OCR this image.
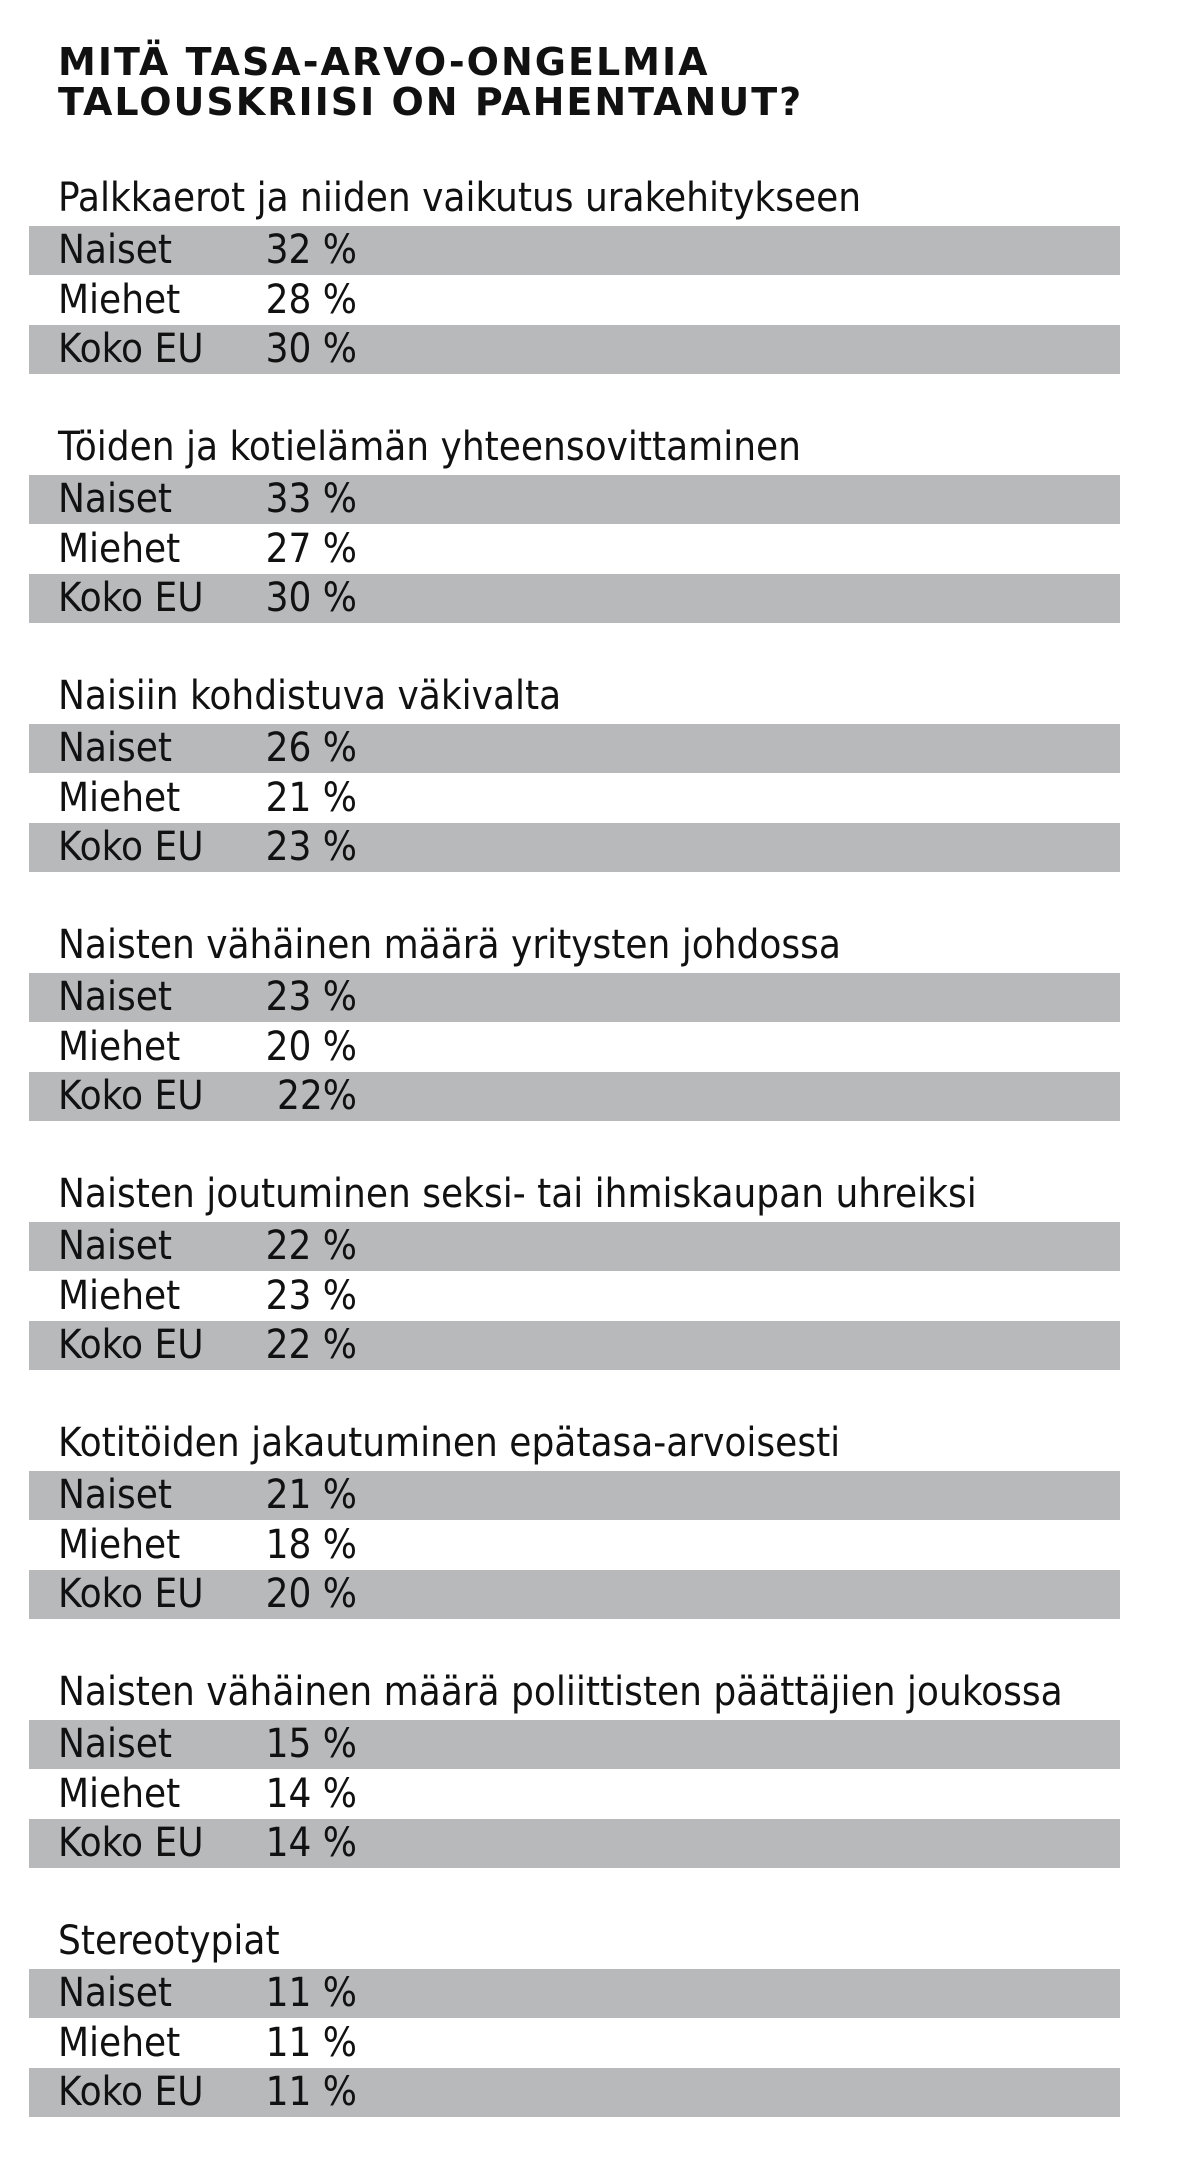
MITÄ TASA-ARVO-ONGELMIA
TALOUSKRIISI ON PAHENTANUT?
Palkkaerot ja niiden vaikutus urakehitykseen
Naiset	32 %
Miehet	28 %
Koko EU	30 %
Töiden ja kotielämän yhteensovittaminen
Naiset	33 %
Miehet	27 %
Koko EU	30 %
Naisiin kohdistuva väkivalta
Naiset	26 %
Miehet	21 %
Koko EU	23 %
Naisten vähäinen määrä yritysten johdossa
Naiset	23 %
Miehet	20 %
Koko EU	22%
Naisten joutuminen seksi- tai ihmiskaupan uhreiksi
Naiset	22 %
Miehet	23 %
Koko EU	22 %
Kotitöiden jakautuminen epätasa-arvoisesti
Naiset	21 %
Miehet	18 %
Koko EU	20 %
Naisten vähäinen määrä poliittisten päättäjien joukossa
Naiset	15 %
Miehet	14 %
Koko EU	14 %
Stereotypiat
Naiset	11 %
Miehet	11 %
Koko EU	11 %
